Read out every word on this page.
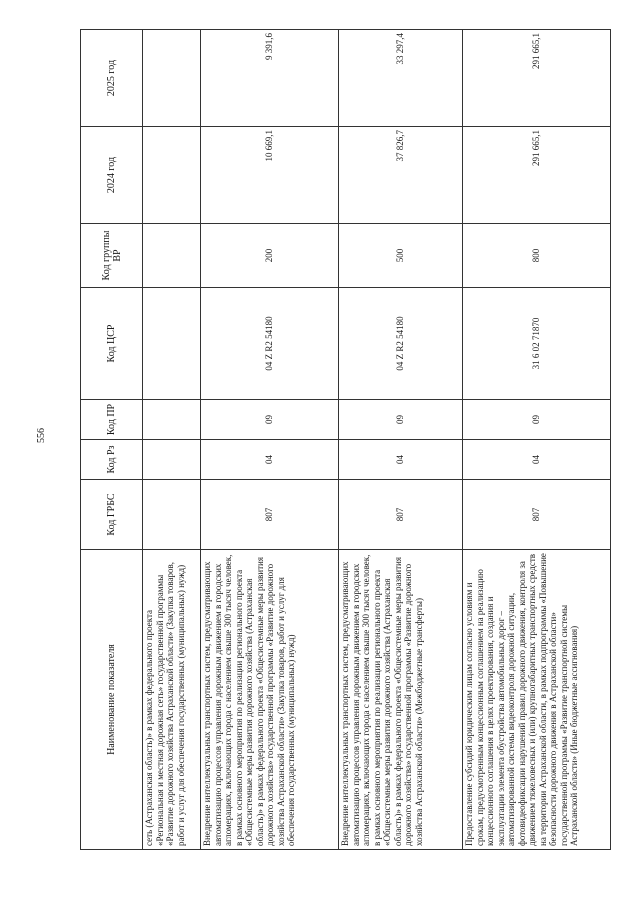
556
Наименование показателя	Код ГРБС	Код Рз	Код ПР	Код ЦСР	Код группы ВР	2024 год	2025 год
сеть (Астраханская область)» в рамках федерального проекта «Региональная и местная дорожная сеть» государственной программы «Развитие дорожного хозяйства Астраханской области» (Закупка товаров, работ и услуг для обеспечения государственных (муниципальных) нужд)							
Внедрение интеллектуальных транспортных систем, предусматривающих автоматизацию процессов управления дорожным движением в городских агломерациях, включающих города с населением свыше 300 тысяч человек, в рамках основного мероприятия по реализации регионального проекта «Общесистемные меры развития дорожного хозяйства (Астраханская область)» в рамках федерального проекта «Общесистемные меры развития дорожного хозяйства» государственной программы «Развитие дорожного хозяйства Астраханской области» (Закупка товаров, работ и услуг для обеспечения государственных (муниципальных) нужд)	807	04	09	04 Z R2 54180	200	10 669,1	9 391,6
Внедрение интеллектуальных транспортных систем, предусматривающих автоматизацию процессов управления дорожным движением в городских агломерациях, включающих города с населением свыше 300 тысяч человек, в рамках основного мероприятия по реализации регионального проекта «Общесистемные меры развития дорожного хозяйства (Астраханская область)» в рамках федерального проекта «Общесистемные меры развития дорожного хозяйства» государственной программы «Развитие дорожного хозяйства Астраханской области» (Межбюджетные трансферты)	807	04	09	04 Z R2 54180	500	37 826,7	33 297,4
Предоставление субсидий юридическим лицам согласно условиям и срокам, предусмотренным концессионным соглашением на реализацию концессионного соглашения в целях проектирования, создания и эксплуатации элемента обустройства автомобильных дорог – автоматизированной системы видеоконтроля дорожной ситуации, фотовидеофиксации нарушений правил дорожного движения, контроля за движением тяжеловесных и (или) крупногабаритных транспортных средств на территории Астраханской области, в рамках подпрограммы «Повышение безопасности дорожного движения в Астраханской области» государственной программы «Развитие транспортной системы Астраханской области» (Иные бюджетные ассигнования)	807	04	09	31 6 02 71870	800	291 665,1	291 665,1
